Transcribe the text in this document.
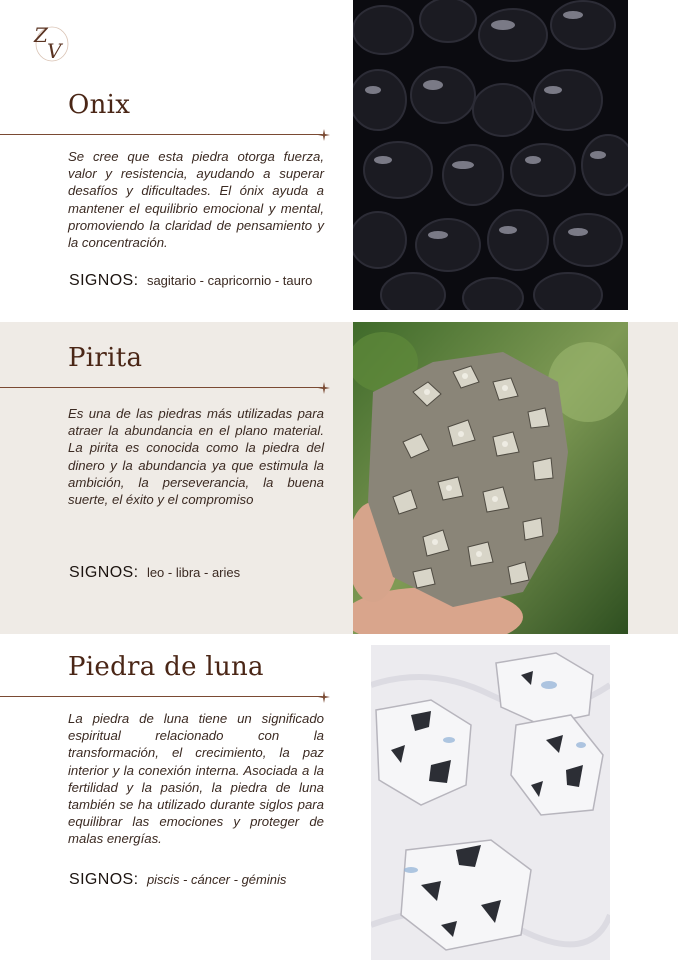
Z
V
Onix

Se cree que esta piedra otorga fuerza, valor y resistencia, ayudando a superar desafíos y dificultades. El ónix ayuda a mantener el equilibrio emocional y mental, promoviendo la claridad de pensamiento y la concentración.

SIGNOS: sagitario - capricornio - tauro
Pirita

Es una de las piedras más utilizadas para atraer la abundancia en el plano material. La pirita es conocida como la piedra del dinero y la abundancia ya que estimula la ambición, la perseverancia, la buena suerte, el éxito y el compromiso

SIGNOS: leo - libra - aries
Piedra de luna

La piedra de luna tiene un significado espiritual relacionado con la transformación, el crecimiento, la paz interior y la conexión interna. Asociada a la fertilidad y la pasión, la piedra de luna también se ha utilizado durante siglos para equilibrar las emociones y proteger de malas energías.

SIGNOS: piscis - cáncer - géminis
